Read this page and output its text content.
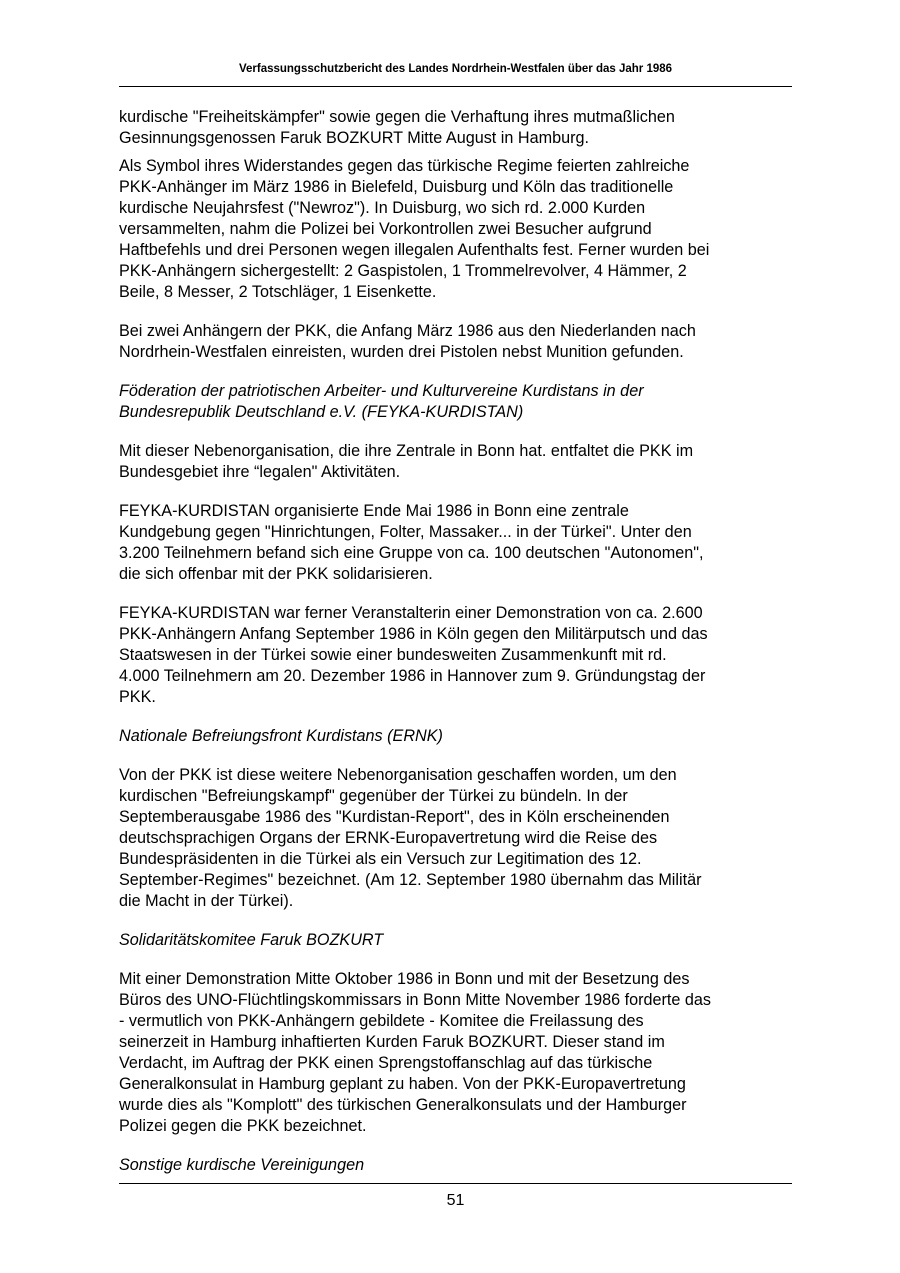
Verfassungsschutzbericht des Landes Nordrhein-Westfalen über das Jahr 1986

kurdische "Freiheitskämpfer" sowie gegen die Verhaftung ihres mutmaßlichen
Gesinnungsgenossen Faruk BOZKURT Mitte August in Hamburg.

Als Symbol ihres Widerstandes gegen das türkische Regime feierten zahlreiche
PKK-Anhänger im März 1986 in Bielefeld, Duisburg und Köln das traditionelle
kurdische Neujahrsfest ("Newroz"). In Duisburg, wo sich rd. 2.000 Kurden
versammelten, nahm die Polizei bei Vorkontrollen zwei Besucher aufgrund
Haftbefehls und drei Personen wegen illegalen Aufenthalts fest. Ferner wurden bei
PKK-Anhängern sichergestellt: 2 Gaspistolen, 1 Trommelrevolver, 4 Hämmer, 2
Beile, 8 Messer, 2 Totschläger, 1 Eisenkette.

Bei zwei Anhängern der PKK, die Anfang März 1986 aus den Niederlanden nach
Nordrhein-Westfalen einreisten, wurden drei Pistolen nebst Munition gefunden.

Föderation der patriotischen Arbeiter- und Kulturvereine Kurdistans in der
Bundesrepublik Deutschland e.V. (FEYKA-KURDISTAN)

Mit dieser Nebenorganisation, die ihre Zentrale in Bonn hat. entfaltet die PKK im
Bundesgebiet ihre “legalen" Aktivitäten.

FEYKA-KURDISTAN organisierte Ende Mai 1986 in Bonn eine zentrale
Kundgebung gegen "Hinrichtungen, Folter, Massaker... in der Türkei". Unter den
3.200 Teilnehmern befand sich eine Gruppe von ca. 100 deutschen "Autonomen",
die sich offenbar mit der PKK solidarisieren.

FEYKA-KURDISTAN war ferner Veranstalterin einer Demonstration von ca. 2.600
PKK-Anhängern Anfang September 1986 in Köln gegen den Militärputsch und das
Staatswesen in der Türkei sowie einer bundesweiten Zusammenkunft mit rd.
4.000 Teilnehmern am 20. Dezember 1986 in Hannover zum 9. Gründungstag der
PKK.

Nationale Befreiungsfront Kurdistans (ERNK)

Von der PKK ist diese weitere Nebenorganisation geschaffen worden, um den
kurdischen "Befreiungskampf" gegenüber der Türkei zu bündeln. In der
Septemberausgabe 1986 des "Kurdistan-Report", des in Köln erscheinenden
deutschsprachigen Organs der ERNK-Europavertretung wird die Reise des
Bundespräsidenten in die Türkei als ein Versuch zur Legitimation des 12.
September-Regimes" bezeichnet. (Am 12. September 1980 übernahm das Militär
die Macht in der Türkei).

Solidaritätskomitee Faruk BOZKURT

Mit einer Demonstration Mitte Oktober 1986 in Bonn und mit der Besetzung des
Büros des UNO-Flüchtlingskommissars in Bonn Mitte November 1986 forderte das
- vermutlich von PKK-Anhängern gebildete - Komitee die Freilassung des
seinerzeit in Hamburg inhaftierten Kurden Faruk BOZKURT. Dieser stand im
Verdacht, im Auftrag der PKK einen Sprengstoffanschlag auf das türkische
Generalkonsulat in Hamburg geplant zu haben. Von der PKK-Europavertretung
wurde dies als "Komplott" des türkischen Generalkonsulats und der Hamburger
Polizei gegen die PKK bezeichnet.

Sonstige kurdische Vereinigungen

51
